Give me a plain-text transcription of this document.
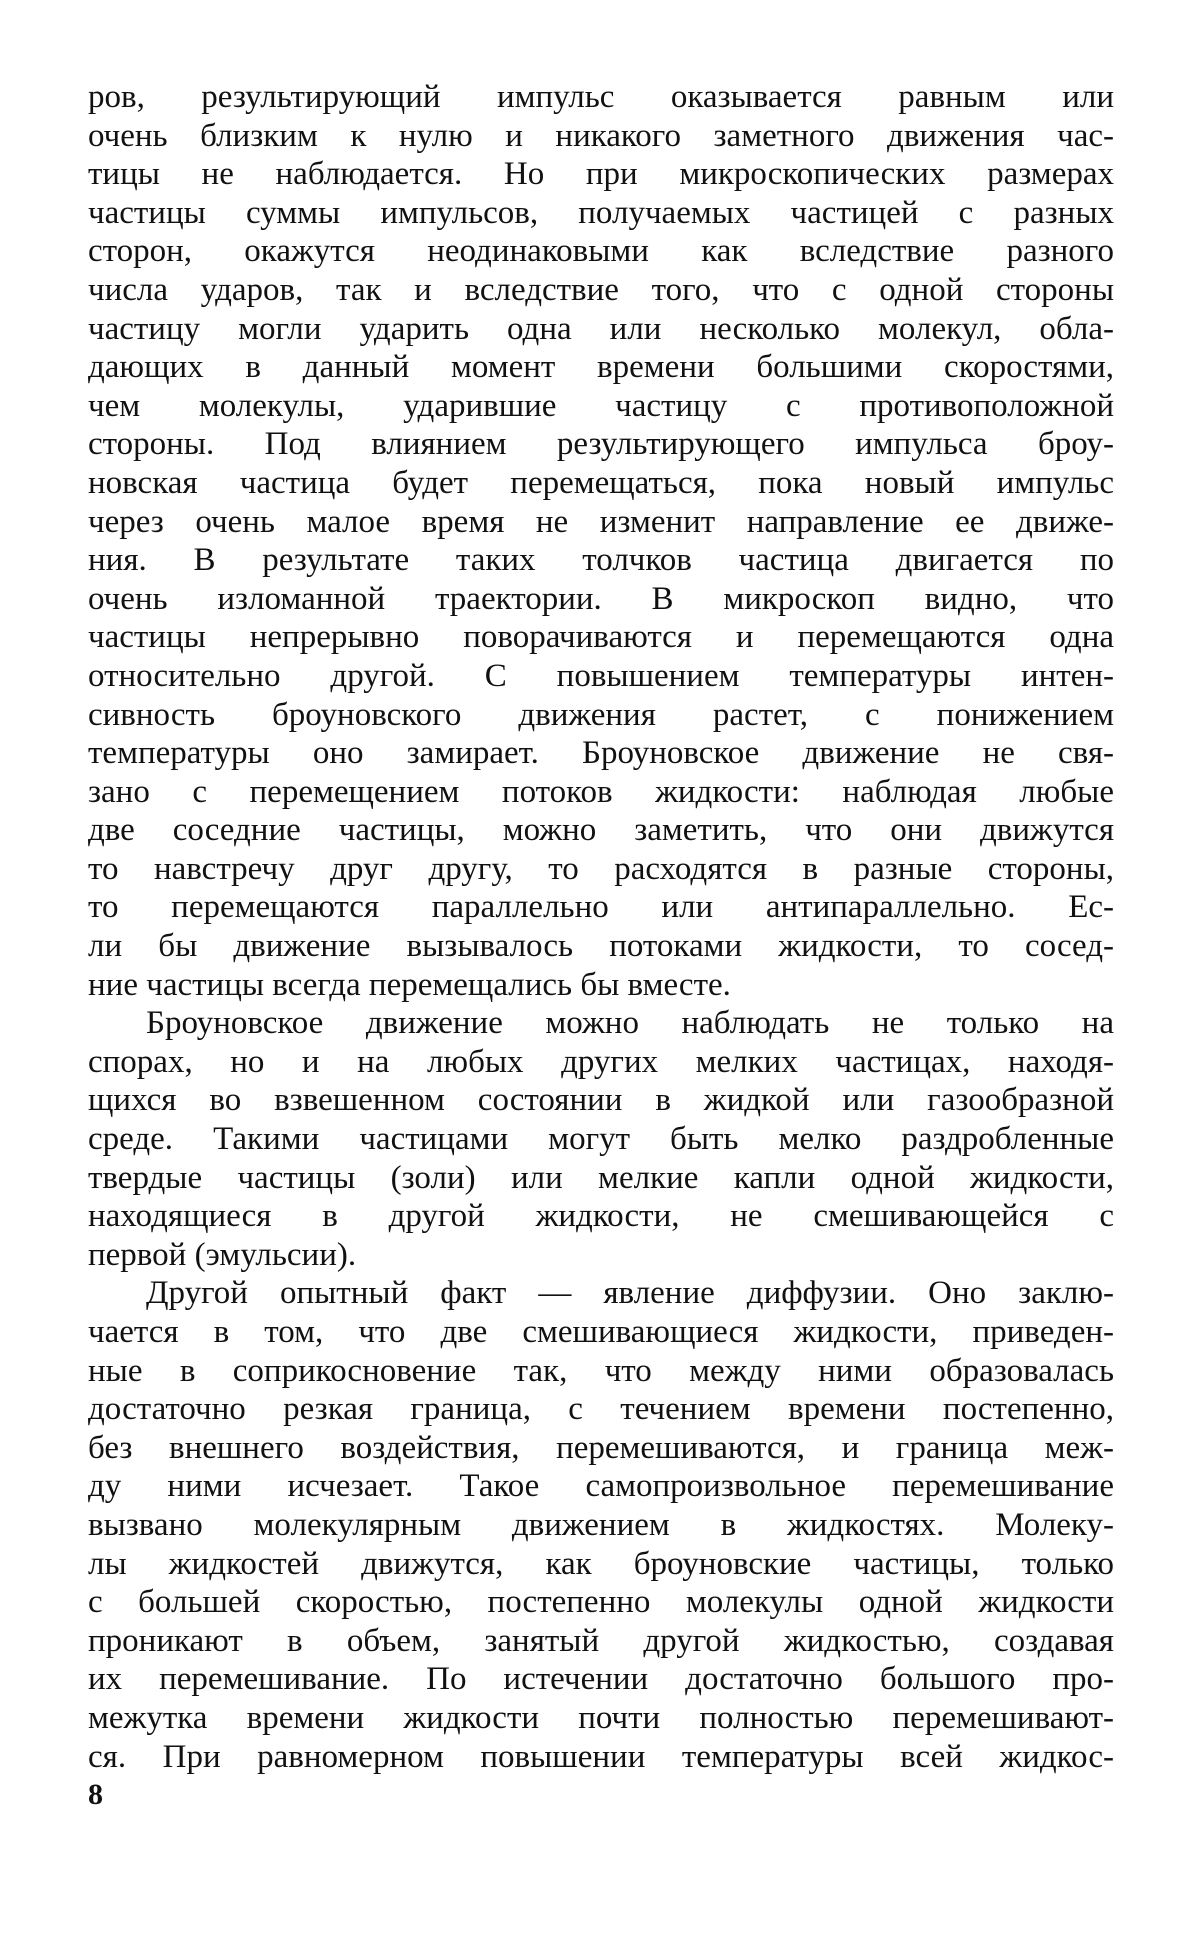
ров, результирующий импульс оказывается равным или
очень близким к нулю и никакого заметного движения час-
тицы не наблюдается. Но при микроскопических размерах
частицы суммы импульсов, получаемых частицей с разных
сторон, окажутся неодинаковыми как вследствие разного
числа ударов, так и вследствие того, что с одной стороны
частицу могли ударить одна или несколько молекул, обла-
дающих в данный момент времени большими скоростями,
чем молекулы, ударившие частицу с противоположной
стороны. Под влиянием результирующего импульса броу-
новская частица будет перемещаться, пока новый импульс
через очень малое время не изменит направление ее движе-
ния. В результате таких толчков частица двигается по
очень изломанной траектории. В микроскоп видно, что
частицы непрерывно поворачиваются и перемещаются одна
относительно другой. С повышением температуры интен-
сивность броуновского движения растет, с понижением
температуры оно замирает. Броуновское движение не свя-
зано с перемещением потоков жидкости: наблюдая любые
две соседние частицы, можно заметить, что они движутся
то навстречу друг другу, то расходятся в разные стороны,
то перемещаются параллельно или антипараллельно. Ес-
ли бы движение вызывалось потоками жидкости, то сосед-
ние частицы всегда перемещались бы вместе.
Броуновское движение можно наблюдать не только на
спорах, но и на любых других мелких частицах, находя-
щихся во взвешенном состоянии в жидкой или газообразной
среде. Такими частицами могут быть мелко раздробленные
твердые частицы (золи) или мелкие капли одной жидкости,
находящиеся в другой жидкости, не смешивающейся с
первой (эмульсии).
Другой опытный факт — явление диффузии. Оно заклю-
чается в том, что две смешивающиеся жидкости, приведен-
ные в соприкосновение так, что между ними образовалась
достаточно резкая граница, с течением времени постепенно,
без внешнего воздействия, перемешиваются, и граница меж-
ду ними исчезает. Такое самопроизвольное перемешивание
вызвано молекулярным движением в жидкостях. Молеку-
лы жидкостей движутся, как броуновские частицы, только
с большей скоростью, постепенно молекулы одной жидкости
проникают в объем, занятый другой жидкостью, создавая
их перемешивание. По истечении достаточно большого про-
межутка времени жидкости почти полностью перемешивают-
ся. При равномерном повышении температуры всей жидкос-
8
